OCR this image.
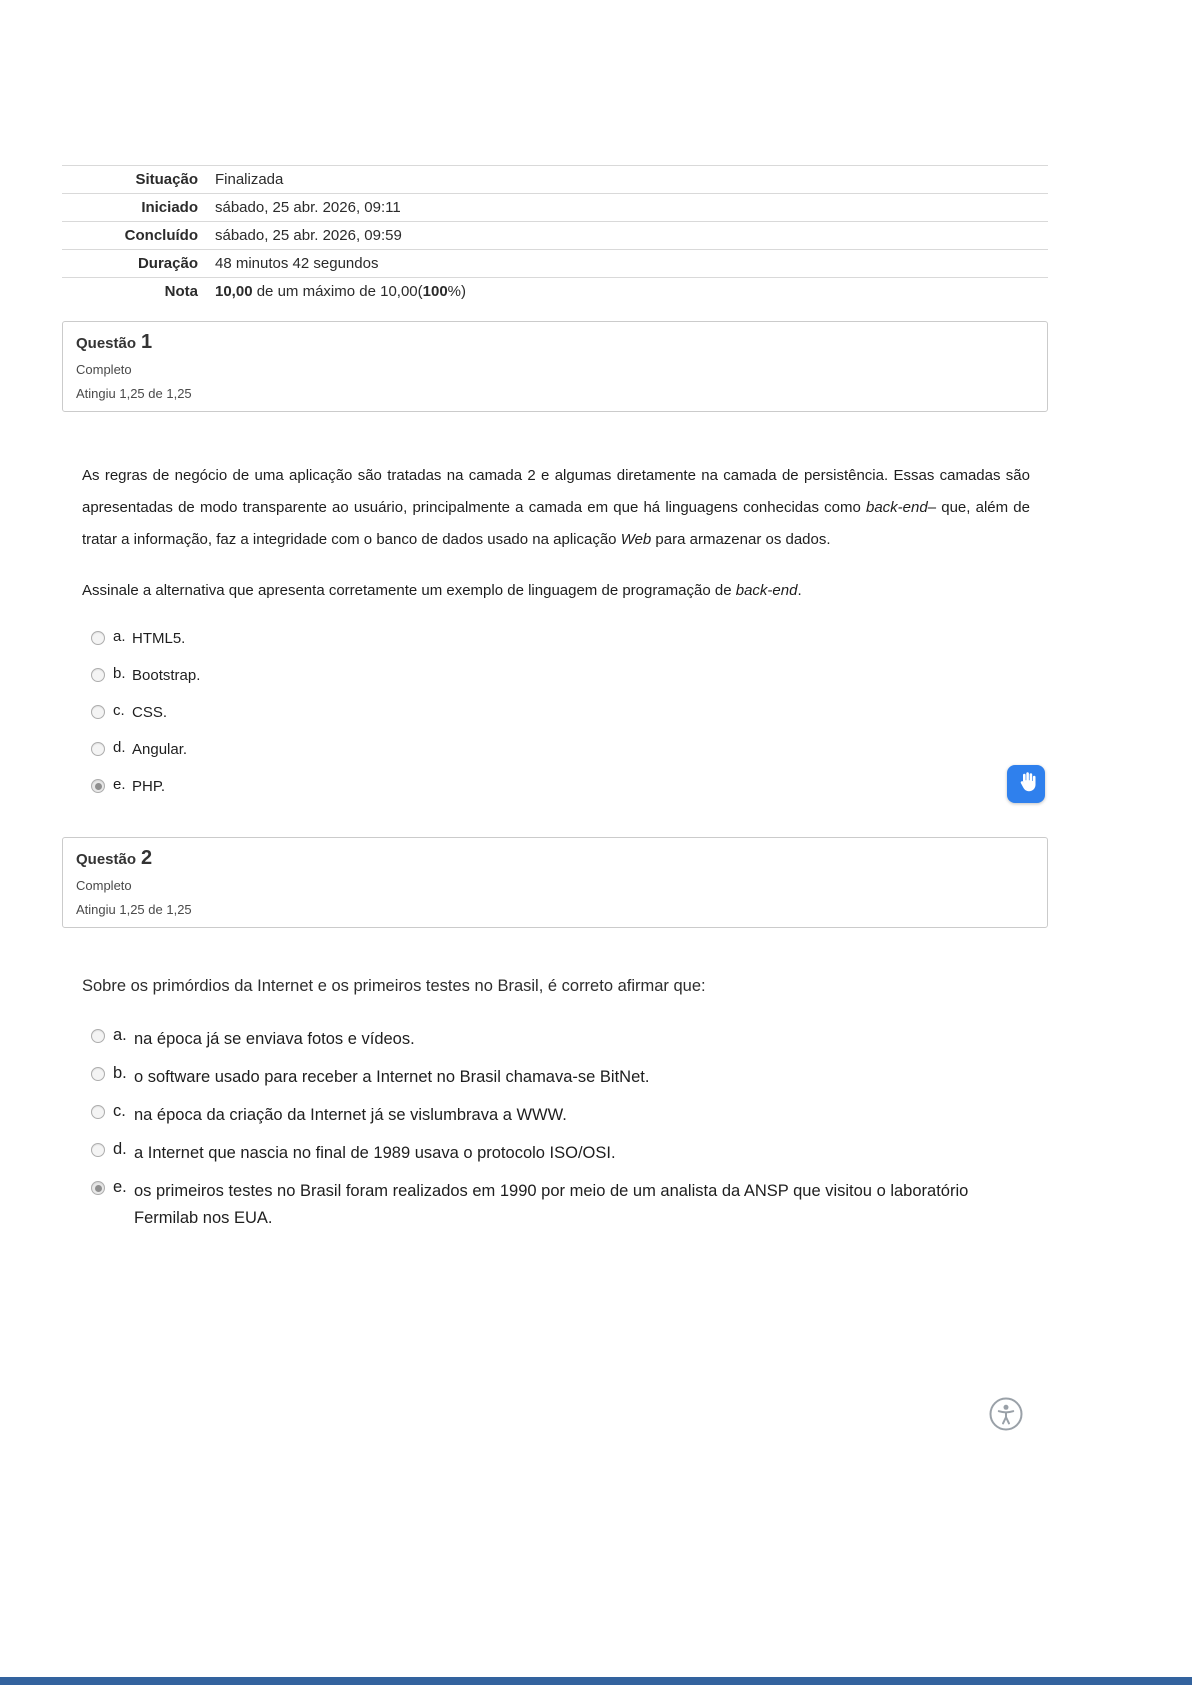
Situação	Finalizada
Iniciado	sábado, 25 abr. 2026, 09:11
Concluído	sábado, 25 abr. 2026, 09:59
Duração	48 minutos 42 segundos
Nota	10,00 de um máximo de 10,00(100%)
Questão 1
Completo
Atingiu 1,25 de 1,25

As regras de negócio de uma aplicação são tratadas na camada 2 e algumas diretamente na camada de persistência. Essas camadas são apresentadas de modo transparente ao usuário, principalmente a camada em que há linguagens conhecidas como back-end– que, além de tratar a informação, faz a integridade com o banco de dados usado na aplicação Web para armazenar os dados.

Assinale a alternativa que apresenta corretamente um exemplo de linguagem de programação de back-end.

a. HTML5.
b. Bootstrap.
c. CSS.
d. Angular.
e. PHP.
Questão 2
Completo
Atingiu 1,25 de 1,25

Sobre os primórdios da Internet e os primeiros testes no Brasil, é correto afirmar que:

a. na época já se enviava fotos e vídeos.
b. o software usado para receber a Internet no Brasil chamava-se BitNet.
c. na época da criação da Internet já se vislumbrava a WWW.
d. a Internet que nascia no final de 1989 usava o protocolo ISO/OSI.
e. os primeiros testes no Brasil foram realizados em 1990 por meio de um analista da ANSP que visitou o laboratório Fermilab nos EUA.
